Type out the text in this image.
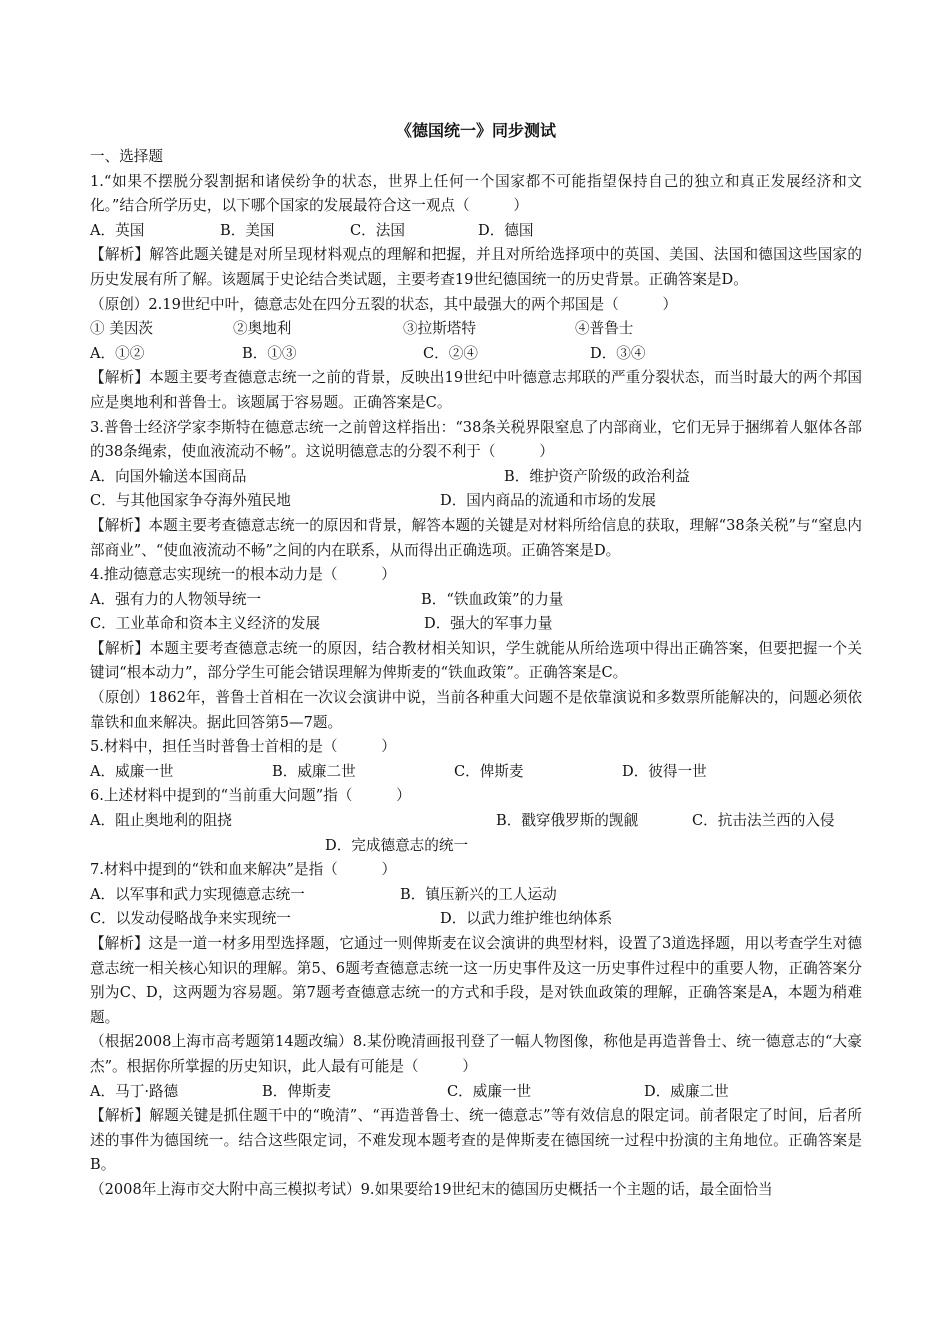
《德国统一》同步测试

一、选择题

1.“如果不摆脱分裂割据和诸侯纷争的状态，世界上任何一个国家都不可能指望保持自己的独立和真正发展经济和文化。”结合所学历史，以下哪个国家的发展最符合这一观点（　　　）

A．英国	B．美国	C．法国	D．德国

【解析】解答此题关键是对所呈现材料观点的理解和把握，并且对所给选择项中的英国、美国、法国和德国这些国家的历史发展有所了解。该题属于史论结合类试题，主要考查19世纪德国统一的历史背景。正确答案是D。

（原创）2.19世纪中叶，德意志处在四分五裂的状态，其中最强大的两个邦国是（　　　）

① 美因茨	②奥地利	③拉斯塔特	④普鲁士
A．①②	B．①③	C．②④	D．③④

【解析】本题主要考查德意志统一之前的背景，反映出19世纪中叶德意志邦联的严重分裂状态，而当时最大的两个邦国应是奥地利和普鲁士。该题属于容易题。正确答案是C。

3.普鲁士经济学家李斯特在德意志统一之前曾这样指出：“38条关税界限窒息了内部商业，它们无异于捆绑着人躯体各部的38条绳索，使血液流动不畅”。这说明德意志的分裂不利于（　　　）

A．向国外输送本国商品	B．维护资产阶级的政治利益
C．与其他国家争夺海外殖民地	D．国内商品的流通和市场的发展

【解析】本题主要考查德意志统一的原因和背景，解答本题的关键是对材料所给信息的获取，理解“38条关税”与“窒息内部商业”、“使血液流动不畅”之间的内在联系，从而得出正确选项。正确答案是D。

4.推动德意志实现统一的根本动力是（　　　）

A．强有力的人物领导统一	B．“铁血政策”的力量
C．工业革命和资本主义经济的发展	D．强大的军事力量

【解析】本题主要考查德意志统一的原因，结合教材相关知识，学生就能从所给选项中得出正确答案，但要把握一个关键词“根本动力”，部分学生可能会错误理解为俾斯麦的“铁血政策”。正确答案是C。

（原创）1862年，普鲁士首相在一次议会演讲中说，当前各种重大问题不是依靠演说和多数票所能解决的，问题必须依靠铁和血来解决。据此回答第5—7题。

5.材料中，担任当时普鲁士首相的是（　　　）

A．威廉一世	B．威廉二世	C．俾斯麦	D．彼得一世

6.上述材料中提到的“当前重大问题”指（　　　）

A．阻止奥地利的阻挠	B．戳穿俄罗斯的觊觎	C．抗击法兰西的入侵
D．完成德意志的统一

7.材料中提到的“铁和血来解决”是指（　　　）

A．以军事和武力实现德意志统一	B．镇压新兴的工人运动
C．以发动侵略战争来实现统一	D．以武力维护维也纳体系

【解析】这是一道一材多用型选择题，它通过一则俾斯麦在议会演讲的典型材料，设置了3道选择题，用以考查学生对德意志统一相关核心知识的理解。第5、6题考查德意志统一这一历史事件及这一历史事件过程中的重要人物，正确答案分别为C、D，这两题为容易题。第7题考查德意志统一的方式和手段，是对铁血政策的理解，正确答案是A，本题为稍难题。

（根据2008上海市高考题第14题改编）8.某份晚清画报刊登了一幅人物图像，称他是再造普鲁士、统一德意志的“大豪杰”。根据你所掌握的历史知识，此人最有可能是（　　　）

A．马丁·路德	B．俾斯麦	C．威廉一世	D．威廉二世

【解析】解题关键是抓住题干中的“晚清”、“再造普鲁士、统一德意志”等有效信息的限定词。前者限定了时间，后者所述的事件为德国统一。结合这些限定词，不难发现本题考查的是俾斯麦在德国统一过程中扮演的主角地位。正确答案是B。

（2008年上海市交大附中高三模拟考试）9.如果要给19世纪末的德国历史概括一个主题的话，最全面恰当
